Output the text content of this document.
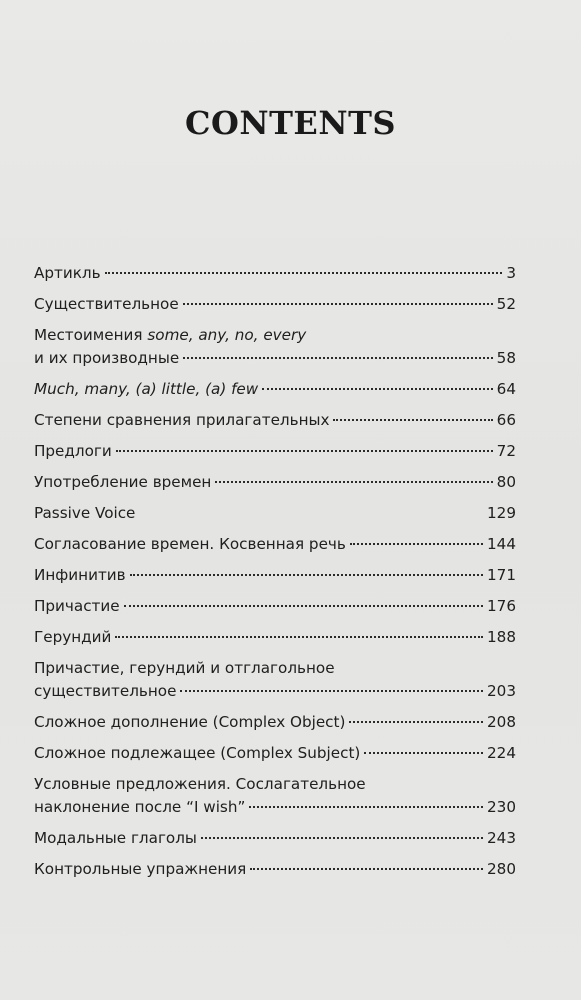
CONTENTS
Артикль	3
Существительное	52
Местоимения some, any, no, every
и их производные	58
Much, many, (a) little, (a) few	64
Степени сравнения прилагательных	66
Предлоги	72
Употребление времен	80
Passive Voice	129
Согласование времен. Косвенная речь	144
Инфинитив	171
Причастие	176
Герундий	188
Причастие, герундий и отглагольное
существительное	203
Сложное дополнение (Complex Object)	208
Сложное подлежащее (Complex Subject)	224
Условные предложения. Сослагательное
наклонение после “I wish”	230
Модальные глаголы	243
Контрольные упражнения	280
